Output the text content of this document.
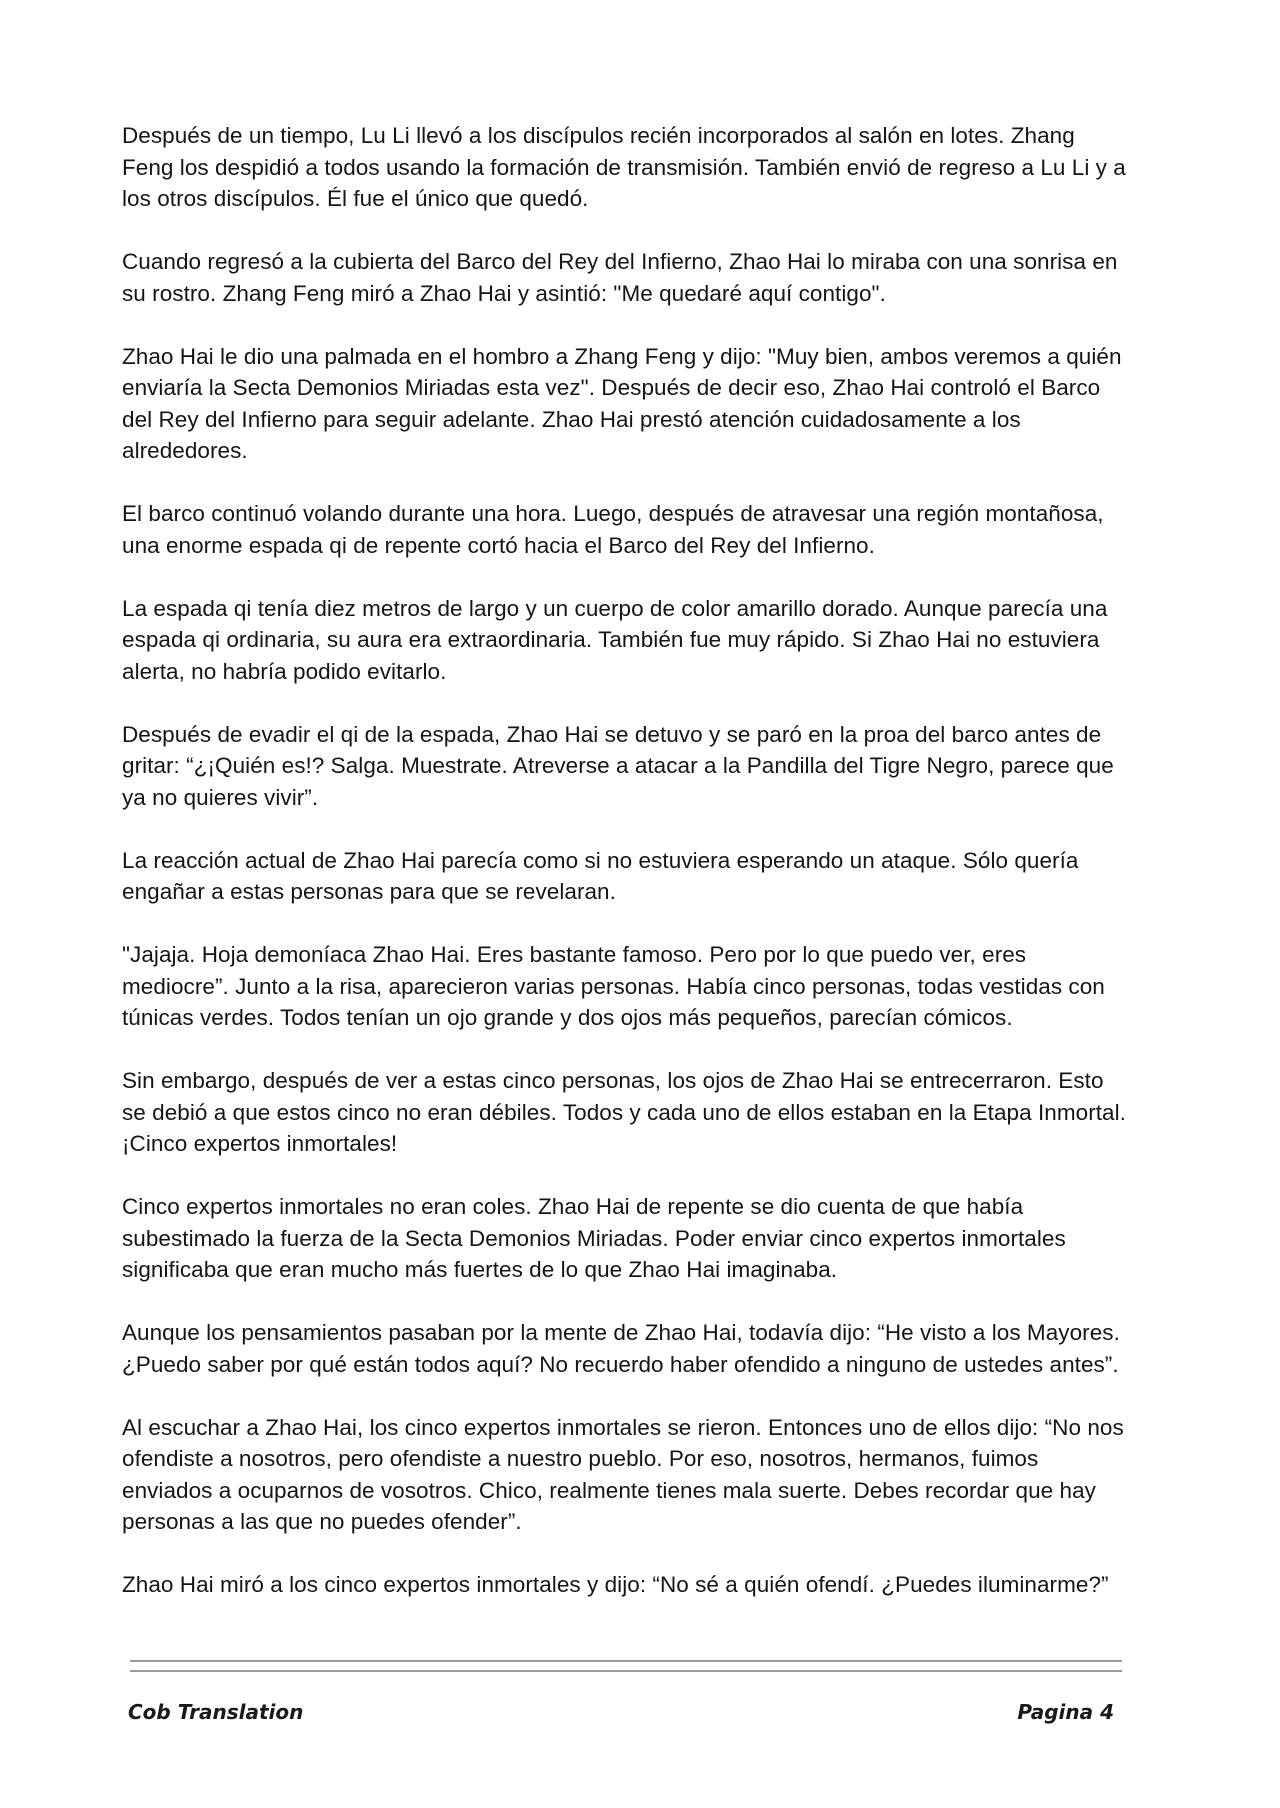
Después de un tiempo, Lu Li llevó a los discípulos recién incorporados al salón en lotes. Zhang Feng los despidió a todos usando la formación de transmisión. También envió de regreso a Lu Li y a los otros discípulos. Él fue el único que quedó.

Cuando regresó a la cubierta del Barco del Rey del Infierno, Zhao Hai lo miraba con una sonrisa en su rostro. Zhang Feng miró a Zhao Hai y asintió: "Me quedaré aquí contigo".

Zhao Hai le dio una palmada en el hombro a Zhang Feng y dijo: "Muy bien, ambos veremos a quién enviaría la Secta Demonios Miriadas esta vez". Después de decir eso, Zhao Hai controló el Barco del Rey del Infierno para seguir adelante. Zhao Hai prestó atención cuidadosamente a los alrededores.

El barco continuó volando durante una hora. Luego, después de atravesar una región montañosa, una enorme espada qi de repente cortó hacia el Barco del Rey del Infierno.

La espada qi tenía diez metros de largo y un cuerpo de color amarillo dorado. Aunque parecía una espada qi ordinaria, su aura era extraordinaria. También fue muy rápido. Si Zhao Hai no estuviera alerta, no habría podido evitarlo.

Después de evadir el qi de la espada, Zhao Hai se detuvo y se paró en la proa del barco antes de gritar: “¿¡Quién es!? Salga. Muestrate. Atreverse a atacar a la Pandilla del Tigre Negro, parece que ya no quieres vivir”.

La reacción actual de Zhao Hai parecía como si no estuviera esperando un ataque. Sólo quería engañar a estas personas para que se revelaran.

"Jajaja. Hoja demoníaca Zhao Hai. Eres bastante famoso. Pero por lo que puedo ver, eres mediocre”. Junto a la risa, aparecieron varias personas. Había cinco personas, todas vestidas con túnicas verdes. Todos tenían un ojo grande y dos ojos más pequeños, parecían cómicos.

Sin embargo, después de ver a estas cinco personas, los ojos de Zhao Hai se entrecerraron. Esto se debió a que estos cinco no eran débiles. Todos y cada uno de ellos estaban en la Etapa Inmortal. ¡Cinco expertos inmortales!

Cinco expertos inmortales no eran coles. Zhao Hai de repente se dio cuenta de que había subestimado la fuerza de la Secta Demonios Miriadas. Poder enviar cinco expertos inmortales significaba que eran mucho más fuertes de lo que Zhao Hai imaginaba.

Aunque los pensamientos pasaban por la mente de Zhao Hai, todavía dijo: “He visto a los Mayores. ¿Puedo saber por qué están todos aquí? No recuerdo haber ofendido a ninguno de ustedes antes”.

Al escuchar a Zhao Hai, los cinco expertos inmortales se rieron. Entonces uno de ellos dijo: “No nos ofendiste a nosotros, pero ofendiste a nuestro pueblo. Por eso, nosotros, hermanos, fuimos enviados a ocuparnos de vosotros. Chico, realmente tienes mala suerte. Debes recordar que hay personas a las que no puedes ofender”.

Zhao Hai miró a los cinco expertos inmortales y dijo: “No sé a quién ofendí. ¿Puedes iluminarme?”

Cob Translation	Pagina 4
